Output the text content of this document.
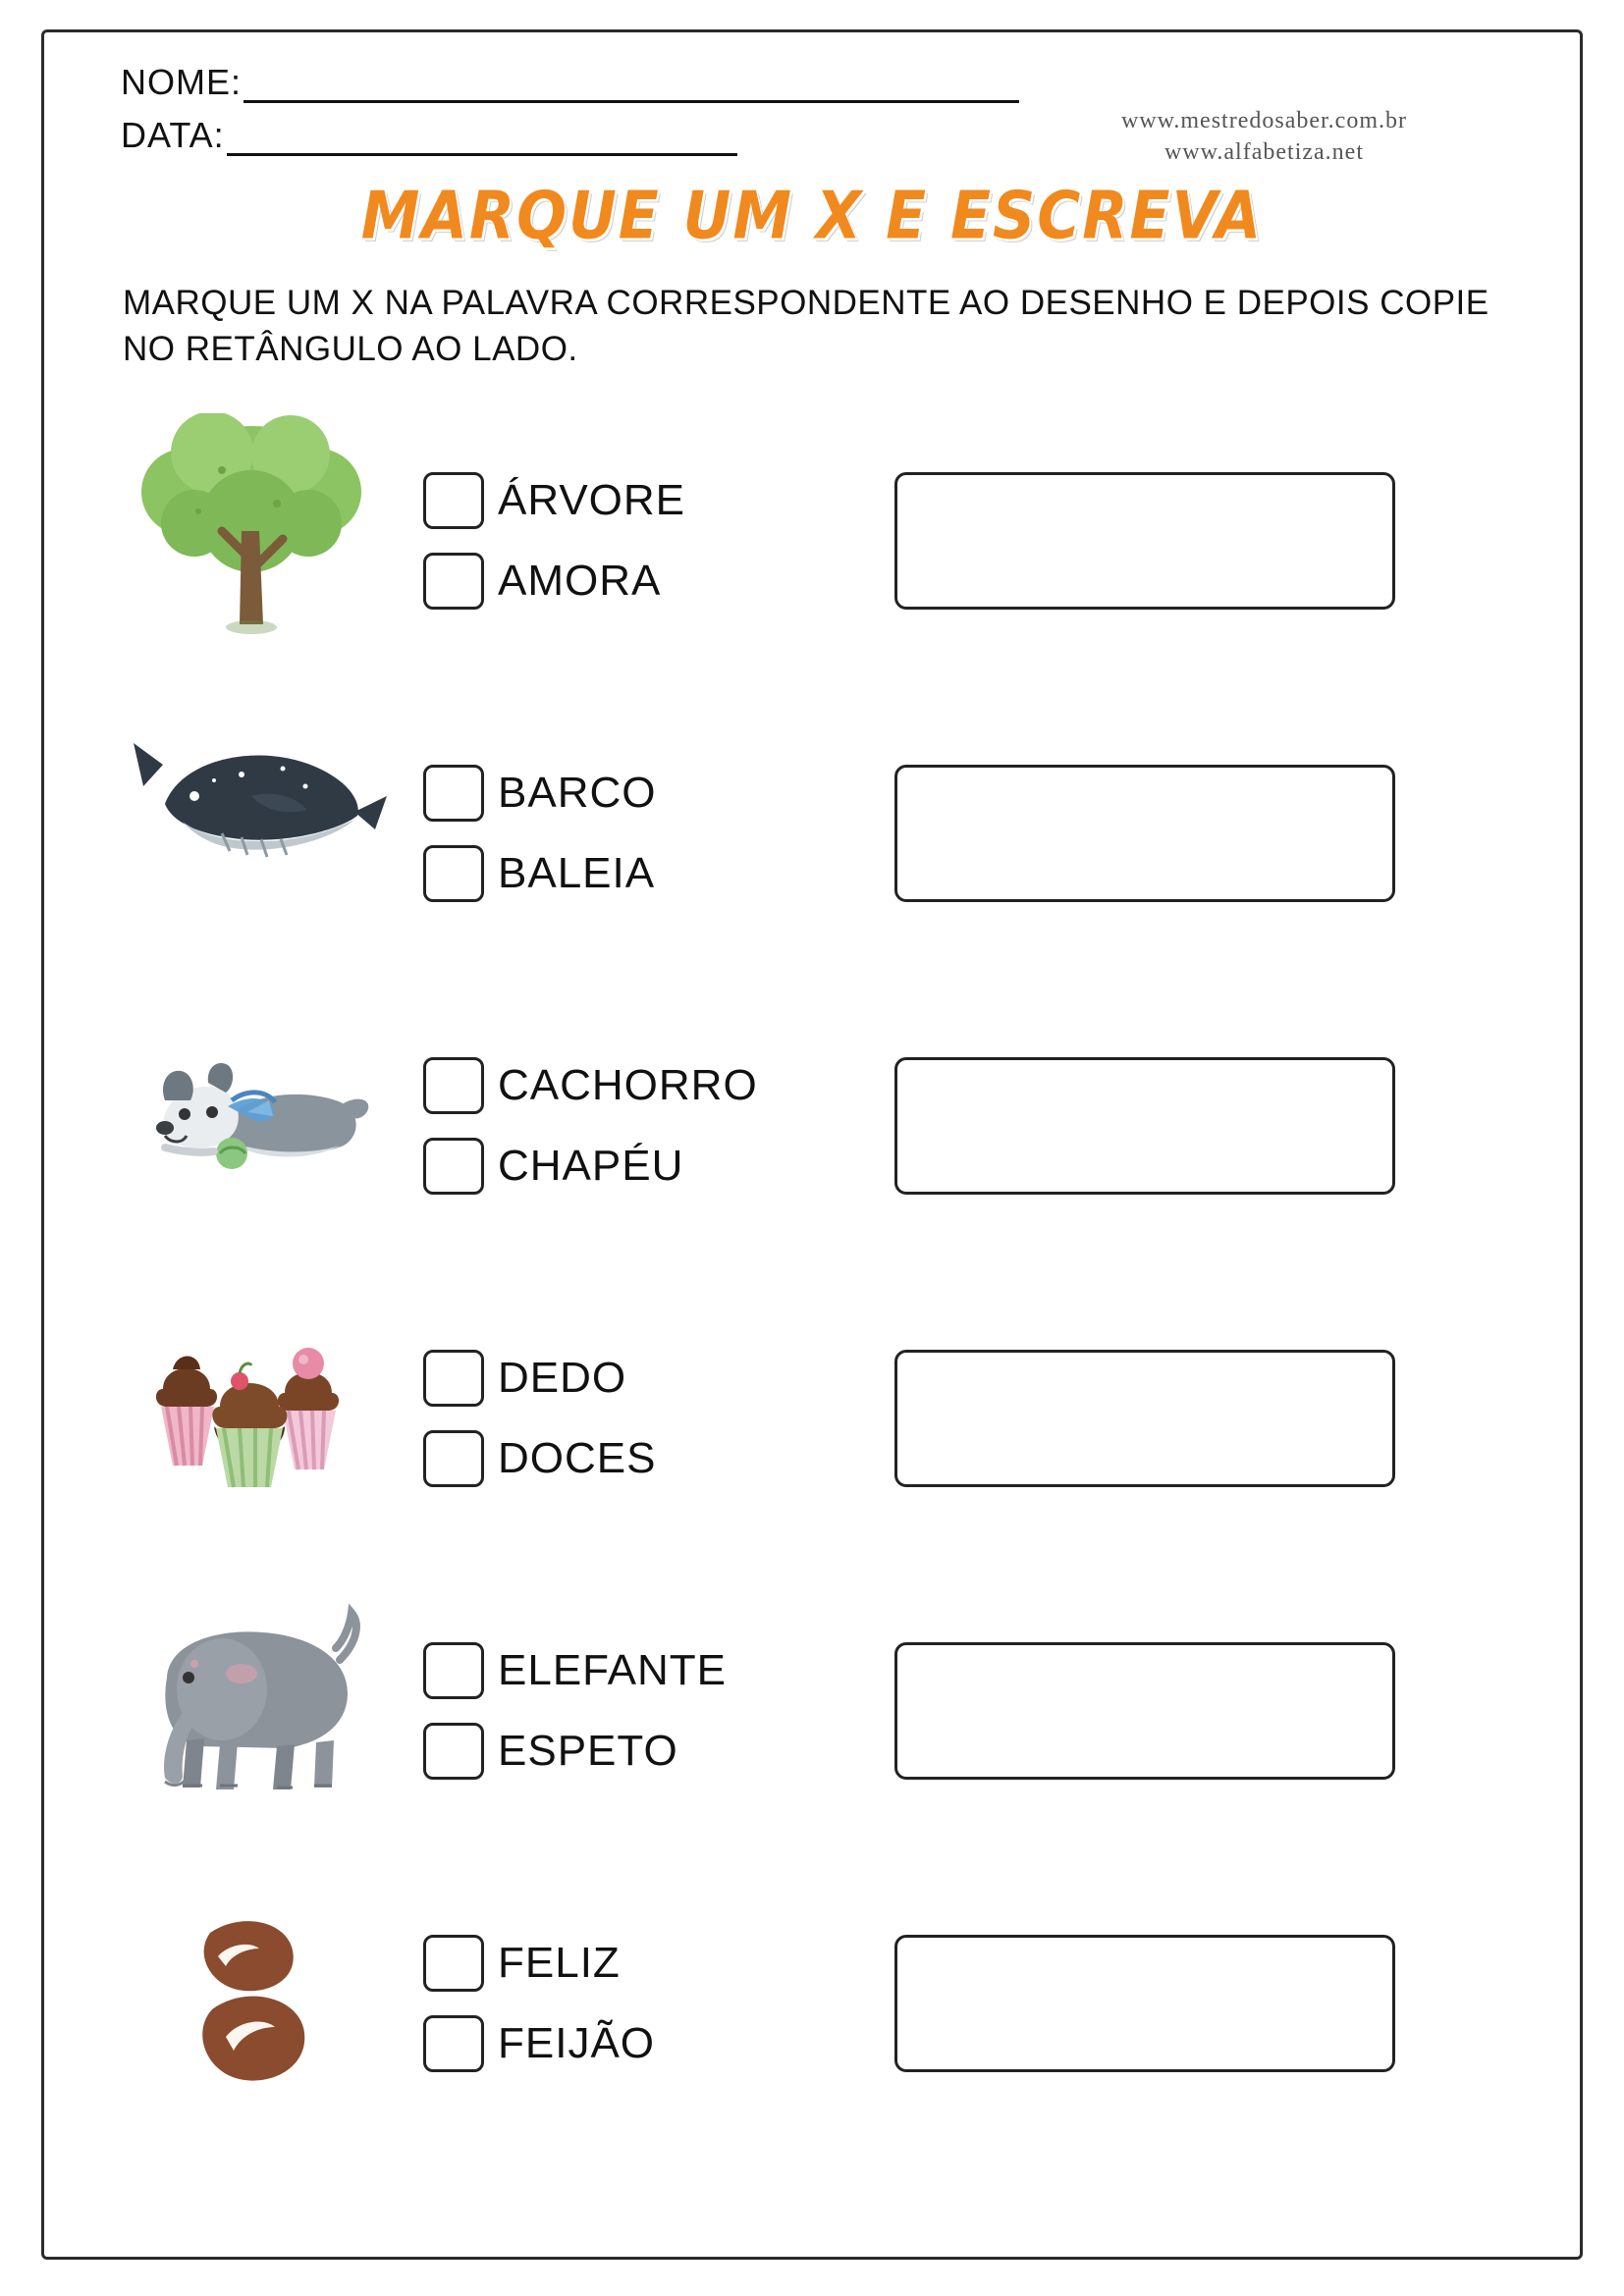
NOME:
DATA:	www.mestredosaber.com.br
www.alfabetiza.net
MARQUE UM X E ESCREVA
MARQUE UM X NA PALAVRA CORRESPONDENTE AO DESENHO E DEPOIS COPIE NO RETÂNGULO AO LADO.
ÁRVORE
AMORA
BARCO
BALEIA
CACHORRO
CHAPÉU
DEDO
DOCES
ELEFANTE
ESPETO
FELIZ
FEIJÃO
